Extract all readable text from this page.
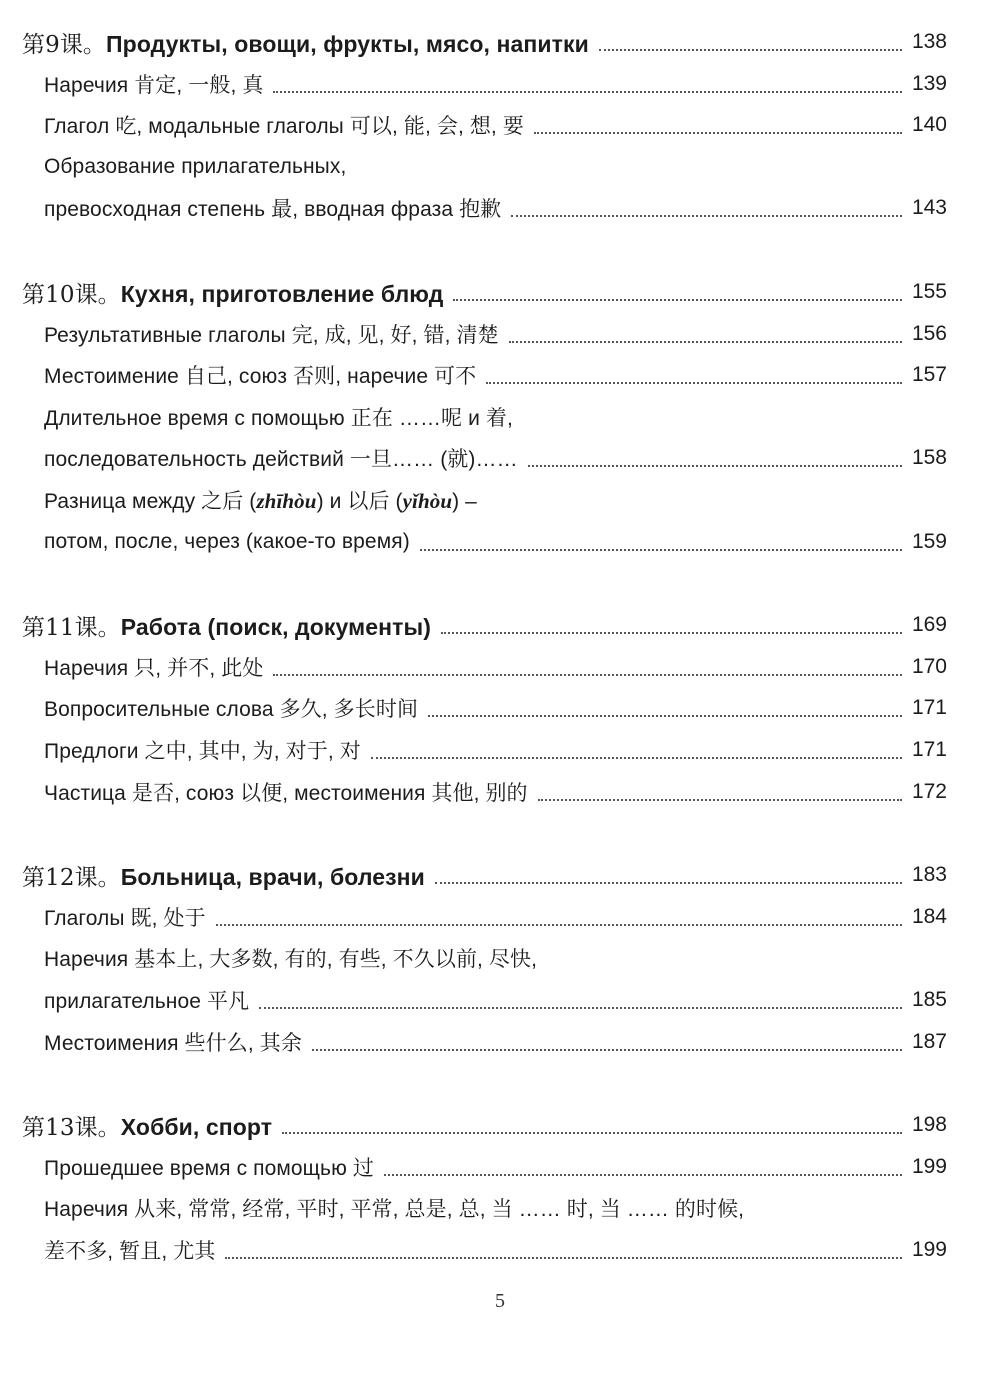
第9课。Продукты, овощи, фрукты, мясо, напитки	138
Наречия 肯定, 一般, 真	139
Глагол 吃, модальные глаголы 可以, 能, 会, 想, 要	140
Образование прилагательных,
превосходная степень 最, вводная фраза 抱歉	143
第10课。Кухня, приготовление блюд	155
Результативные глаголы 完, 成, 见, 好, 错, 清楚	156
Местоимение 自己, союз 否则, наречие 可不	157
Длительное время с помощью 正在 ……呢 и 着,
последовательность действий 一旦…… (就)……	158
Разница между 之后 (zhīhòu) и 以后 (yǐhòu) –
потом, после, через (какое-то время)	159
第11课。Работа (поиск, документы)	169
Наречия 只, 并不, 此处	170
Вопросительные слова 多久, 多长时间	171
Предлоги 之中, 其中, 为, 对于, 对	171
Частица 是否, союз 以便, местоимения 其他, 别的	172
第12课。Больница, врачи, болезни	183
Глаголы 既, 处于	184
Наречия 基本上, 大多数, 有的, 有些, 不久以前, 尽快,
прилагательное 平凡	185
Местоимения 些什么, 其余	187
第13课。Хобби, спорт	198
Прошедшее время с помощью 过	199
Наречия 从来, 常常, 经常, 平时, 平常, 总是, 总, 当 …… 时, 当 …… 的时候,
差不多, 暂且, 尤其	199
5
